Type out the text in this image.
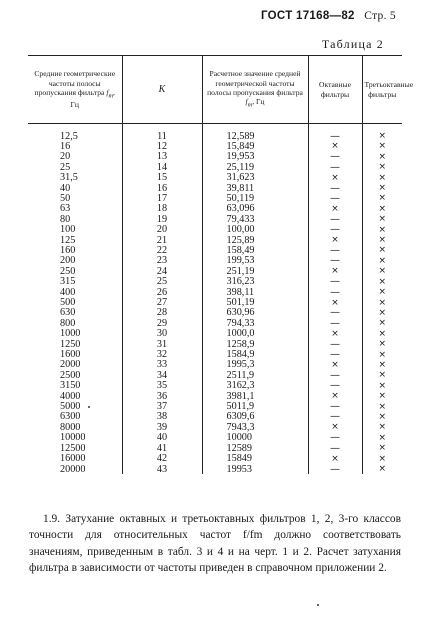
ГОСТ 17168—82 Стр. 5
Таблица 2
Средние геометрические частоты полосы пропускания фильтра $f_m$, Гц	K	Расчетное значение средней геометрической частоты полосы пропускания фильтра $f_m$, Гц	Октавные фильтры	Третьоктавные фильтры
12,5	11	12,589	—	×
16	12	15,849	×	×
20	13	19,953	—	×
25	14	25,119	—	×
31,5	15	31,623	×	×
40	16	39,811	—	×
50	17	50,119	—	×
63	18	63,096	×	×
80	19	79,433	—	×
100	20	100,00	—	×
125	21	125,89	×	×
160	22	158,49	—	×
200	23	199,53	—	×
250	24	251,19	×	×
315	25	316,23	—	×
400	26	398,11	—	×
500	27	501,19	×	×
630	28	630,96	—	×
800	29	794,33	—	×
1000	30	1000,0	×	×
1250	31	1258,9	—	×
1600	32	1584,9	—	×
2000	33	1995,3	×	×
2500	34	2511,9	—	×
3150	35	3162,3	—	×
4000	36	3981,1	×	×
5000	37	5011,9	—	×
6300	38	6309,6	—	×
8000	39	7943,3	×	×
10000	40	10000	—	×
12500	41	12589	—	×
16000	42	15849	×	×
20000	43	19953	—	×
1.9. Затухание октавных и третьоктавных фильтров 1, 2, 3-го классов точности для относительных частот f/fm должно соответствовать значениям, приведенным в табл. 3 и 4 и на черт. 1 и 2. Расчет затухания фильтра в зависимости от частоты приведен в справочном приложении 2.
